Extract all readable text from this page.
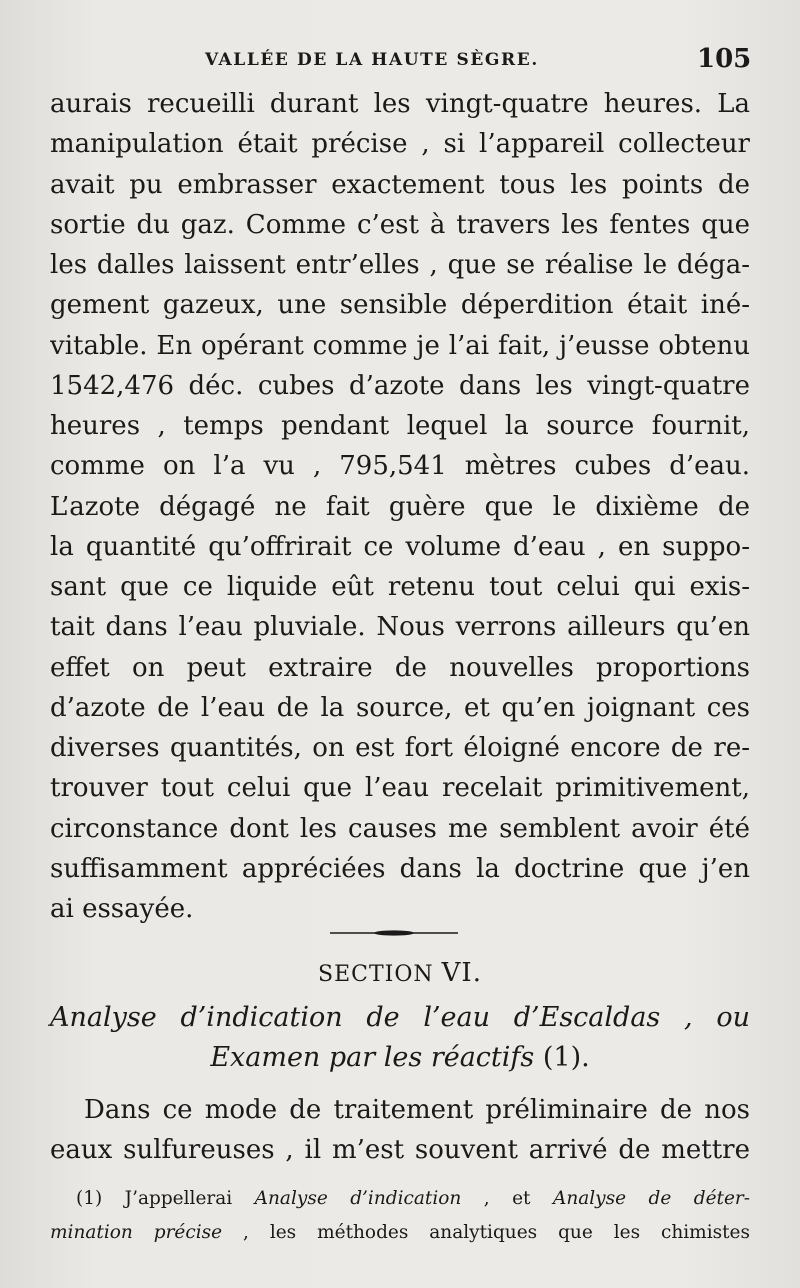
VALLÉE DE LA HAUTE SÈGRE.	105
aurais recueilli durant les vingt-quatre heures. La
manipulation était précise , si l’appareil collecteur
avait pu embrasser exactement tous les points de
sortie du gaz. Comme c’est à travers les fentes que
les dalles laissent entr’elles , que se réalise le déga-
gement gazeux, une sensible déperdition était iné-
vitable. En opérant comme je l’ai fait, j’eusse obtenu
1542,476 déc. cubes d’azote dans les vingt-quatre
heures , temps pendant lequel la source fournit,
comme on l’a vu , 795,541 mètres cubes d’eau.
L’azote dégagé ne fait guère que le dixième de
la quantité qu’offrirait ce volume d’eau , en suppo-
sant que ce liquide eût retenu tout celui qui exis-
tait dans l’eau pluviale. Nous verrons ailleurs qu’en
effet on peut extraire de nouvelles proportions
d’azote de l’eau de la source, et qu’en joignant ces
diverses quantités, on est fort éloigné encore de re-
trouver tout celui que l’eau recelait primitivement,
circonstance dont les causes me semblent avoir été
suffisamment appréciées dans la doctrine que j’en
ai essayée.
SECTION VI.
Analyse d’indication de l’eau d’Escaldas , ou
Examen par les réactifs (1).
Dans ce mode de traitement préliminaire de nos
eaux sulfureuses , il m’est souvent arrivé de mettre
(1) J’appellerai Analyse d’indication , et Analyse de déter-
mination précise , les méthodes analytiques que les chimistes
